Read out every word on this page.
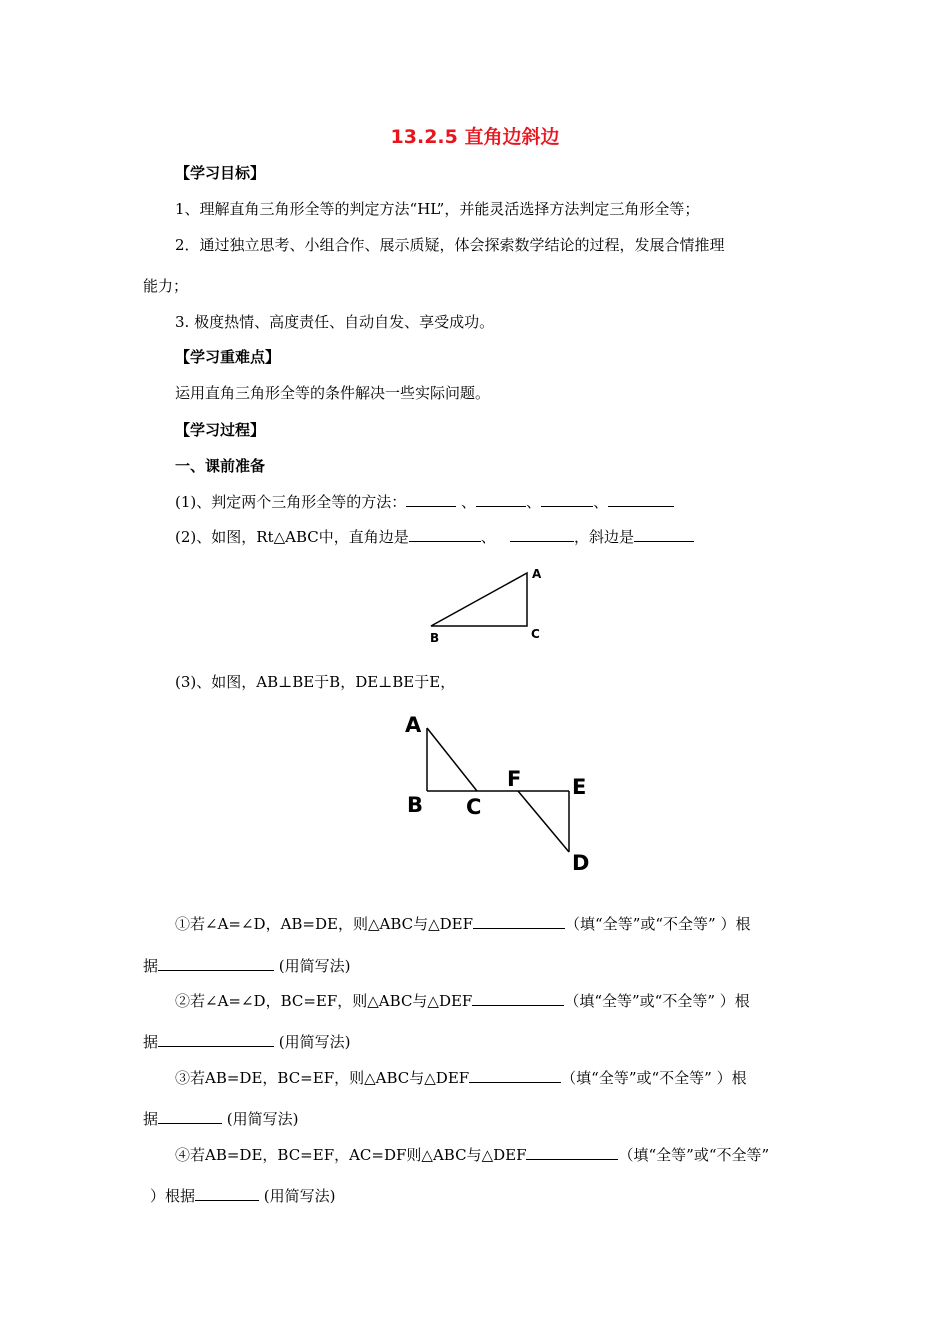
13.2.5 直角边斜边
【学习目标】
1、理解直角三角形全等的判定方法“HL”，并能灵活选择方法判定三角形全等；
2．通过独立思考、小组合作、展示质疑，体会探索数学结论的过程，发展合情推理
能力；
3. 极度热情、高度责任、自动自发、享受成功。
【学习重难点】
运用直角三角形全等的条件解决一些实际问题。
【学习过程】
一、课前准备
(1)、判定两个三角形全等的方法：	、	、	、
(2)、如图，Rt△ABC中，直角边是	、	，斜边是
A
B	C
(3)、如图，AB⊥BE于B，DE⊥BE于E，
A
B C
F E
D
①若∠A=∠D，AB=DE，则△ABC与△DEF	（填“全等”或“不全等” ）根
据	(用简写法)
②若∠A=∠D，BC=EF，则△ABC与△DEF	（填“全等”或“不全等” ）根
据	(用简写法)
③若AB=DE，BC=EF，则△ABC与△DEF	（填“全等”或“不全等” ）根
据	(用简写法)
④若AB=DE，BC=EF，AC=DF则△ABC与△DEF	（填“全等”或“不全等”
）根据	(用简写法)
